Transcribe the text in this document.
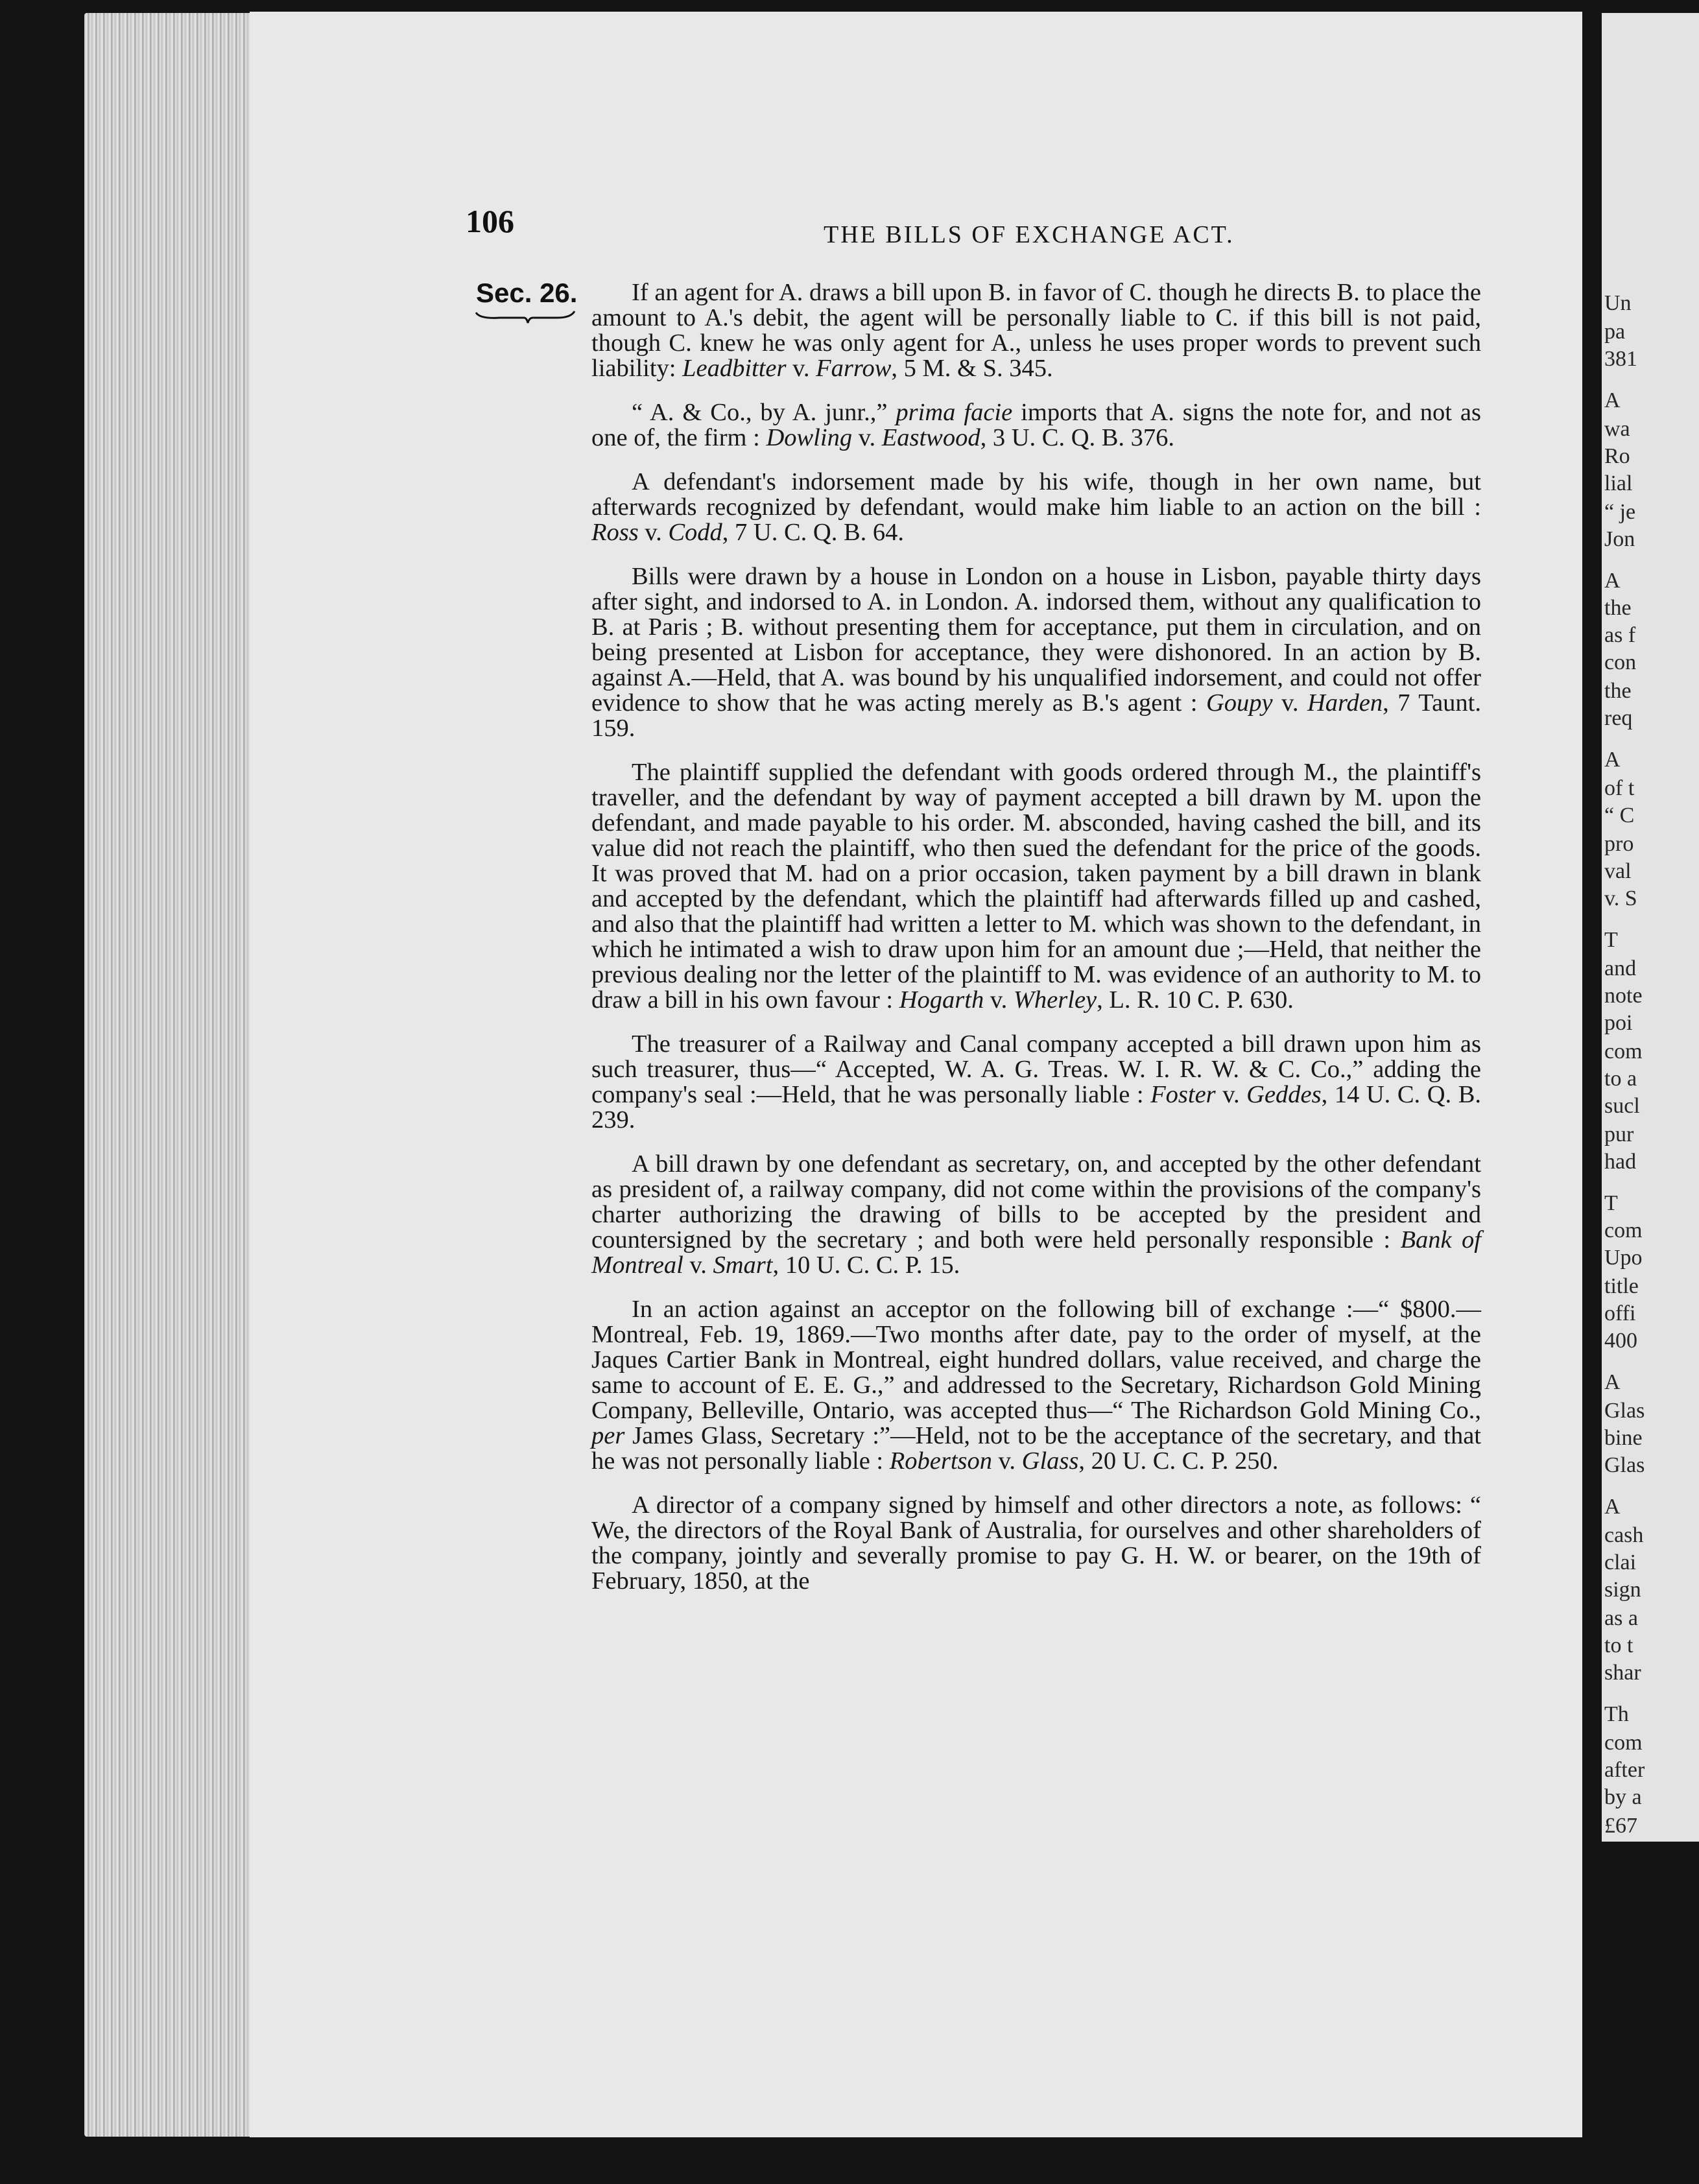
Un
pa
381
A
wa
Ro
lial
“ je
Jon
A
the
as f
con
the
req
A
of t
“ C
pro
val
v. S
T
and
note
poi
com
to a
sucl
pur
had
T
com
Upo
title
offi
400
A
Glas
bine
Glas
A
cash
clai
sign
as a
to t
shar
Th
com
after
by a
£67
106	THE BILLS OF EXCHANGE ACT.
Sec. 26.	If an agent for A. draws a bill upon B. in favor of C. though he directs B. to place the amount to A.'s debit, the agent will be personally liable to C. if this bill is not paid, though C. knew he was only agent for A., unless he uses proper words to prevent such liability: Leadbitter v. Farrow, 5 M. & S. 345.

“ A. & Co., by A. junr.,” prima facie imports that A. signs the note for, and not as one of, the firm : Dowling v. Eastwood, 3 U. C. Q. B. 376.

A defendant's indorsement made by his wife, though in her own name, but afterwards recognized by defendant, would make him liable to an action on the bill : Ross v. Codd, 7 U. C. Q. B. 64.

Bills were drawn by a house in London on a house in Lisbon, payable thirty days after sight, and indorsed to A. in London. A. indorsed them, without any qualification to B. at Paris ; B. without presenting them for acceptance, put them in circulation, and on being presented at Lisbon for acceptance, they were dishonored. In an action by B. against A.—Held, that A. was bound by his unqualified indorsement, and could not offer evidence to show that he was acting merely as B.'s agent : Goupy v. Harden, 7 Taunt. 159.

The plaintiff supplied the defendant with goods ordered through M., the plaintiff's traveller, and the defendant by way of payment accepted a bill drawn by M. upon the defendant, and made payable to his order. M. absconded, having cashed the bill, and its value did not reach the plaintiff, who then sued the defendant for the price of the goods. It was proved that M. had on a prior occasion, taken payment by a bill drawn in blank and accepted by the defendant, which the plaintiff had afterwards filled up and cashed, and also that the plaintiff had written a letter to M. which was shown to the defendant, in which he intimated a wish to draw upon him for an amount due ;—Held, that neither the previous dealing nor the letter of the plaintiff to M. was evidence of an authority to M. to draw a bill in his own favour : Hogarth v. Wherley, L. R. 10 C. P. 630.

The treasurer of a Railway and Canal company accepted a bill drawn upon him as such treasurer, thus—“ Accepted, W. A. G. Treas. W. I. R. W. & C. Co.,” adding the company's seal :—Held, that he was personally liable : Foster v. Geddes, 14 U. C. Q. B. 239.

A bill drawn by one defendant as secretary, on, and accepted by the other defendant as president of, a railway company, did not come within the provisions of the company's charter authorizing the drawing of bills to be accepted by the president and countersigned by the secretary ; and both were held personally responsible : Bank of Montreal v. Smart, 10 U. C. C. P. 15.

In an action against an acceptor on the following bill of exchange :—“ $800.—Montreal, Feb. 19, 1869.—Two months after date, pay to the order of myself, at the Jaques Cartier Bank in Montreal, eight hundred dollars, value received, and charge the same to account of E. E. G.,” and addressed to the Secretary, Richardson Gold Mining Company, Belleville, Ontario, was accepted thus—“ The Richardson Gold Mining Co., per James Glass, Secretary :”—Held, not to be the acceptance of the secretary, and that he was not personally liable : Robertson v. Glass, 20 U. C. C. P. 250.

A director of a company signed by himself and other directors a note, as follows: “ We, the directors of the Royal Bank of Australia, for ourselves and other shareholders of the company, jointly and severally promise to pay G. H. W. or bearer, on the 19th of February, 1850, at the
